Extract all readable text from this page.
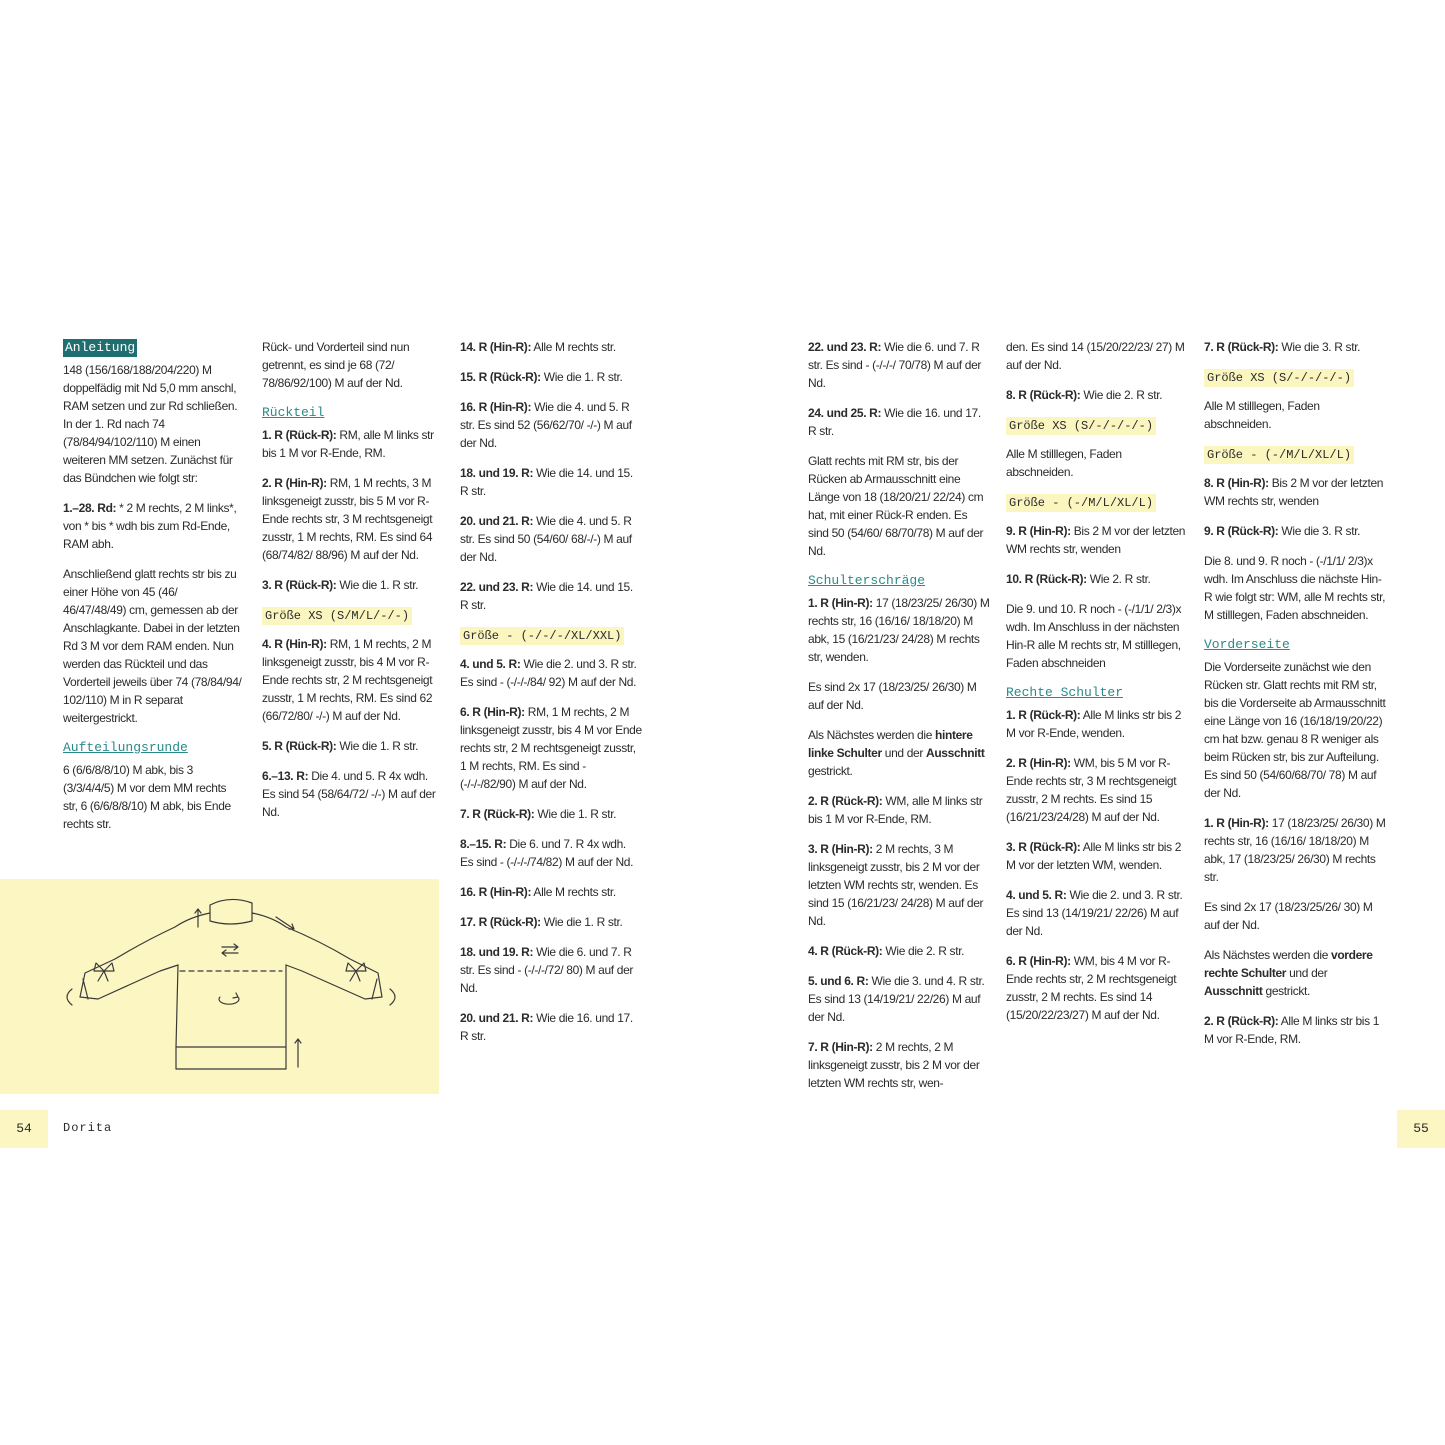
Anleitung

148 (156/168/188/204/220) M doppelfädig mit Nd 5,0 mm anschl, RAM setzen und zur Rd schließen. In der 1. Rd nach 74 (78/84/94/102/110) M einen weiteren MM setzen. Zunächst für das Bündchen wie folgt str:

1.–28. Rd: * 2 M rechts, 2 M links*, von * bis * wdh bis zum Rd-Ende, RAM abh.

Anschließend glatt rechts str bis zu einer Höhe von 45 (46/ 46/47/48/49) cm, gemessen ab der Anschlagkante. Dabei in der letzten Rd 3 M vor dem RAM enden. Nun werden das Rückteil und das Vorderteil jeweils über 74 (78/84/94/ 102/110) M in R separat weitergestrickt.

Aufteilungsrunde

6 (6/6/8/8/10) M abk, bis 3 (3/3/4/4/5) M vor dem MM rechts str, 6 (6/6/8/8/10) M abk, bis Ende rechts str.

Rück- und Vorderteil sind nun getrennt, es sind je 68 (72/ 78/86/92/100) M auf der Nd.

Rückteil

1. R (Rück-R): RM, alle M links str bis 1 M vor R-Ende, RM.

2. R (Hin-R): RM, 1 M rechts, 3 M linksgeneigt zusstr, bis 5 M vor R-Ende rechts str, 3 M rechtsgeneigt zusstr, 1 M rechts, RM. Es sind 64 (68/74/82/ 88/96) M auf der Nd.

3. R (Rück-R): Wie die 1. R str.

Größe XS (S/M/L/-/-)

4. R (Hin-R): RM, 1 M rechts, 2 M linksgeneigt zusstr, bis 4 M vor R-Ende rechts str, 2 M rechtsgeneigt zusstr, 1 M rechts, RM. Es sind 62 (66/72/80/ -/-) M auf der Nd.

5. R (Rück-R): Wie die 1. R str.

6.–13. R: Die 4. und 5. R 4x wdh. Es sind 54 (58/64/72/ -/-) M auf der Nd.

14. R (Hin-R): Alle M rechts str.

15. R (Rück-R): Wie die 1. R str.

16. R (Hin-R): Wie die 4. und 5. R str. Es sind 52 (56/62/70/ -/-) M auf der Nd.

18. und 19. R: Wie die 14. und 15. R str.

20. und 21. R: Wie die 4. und 5. R str. Es sind 50 (54/60/ 68/-/-) M auf der Nd.

22. und 23. R: Wie die 14. und 15. R str.

Größe - (-/-/-/XL/XXL)

4. und 5. R: Wie die 2. und 3. R str. Es sind - (-/-/-/84/ 92) M auf der Nd.

6. R (Hin-R): RM, 1 M rechts, 2 M linksgeneigt zusstr, bis 4 M vor Ende rechts str, 2 M rechtsgeneigt zusstr, 1 M rechts, RM. Es sind - (-/-/-/82/90) M auf der Nd.

7. R (Rück-R): Wie die 1. R str.

8.–15. R: Die 6. und 7. R 4x wdh. Es sind - (-/-/-/74/82) M auf der Nd.

16. R (Hin-R): Alle M rechts str.

17. R (Rück-R): Wie die 1. R str.

18. und 19. R: Wie die 6. und 7. R str. Es sind - (-/-/-/72/ 80) M auf der Nd.

20. und 21. R: Wie die 16. und 17. R str.

22. und 23. R: Wie die 6. und 7. R str. Es sind - (-/-/-/ 70/78) M auf der Nd.

24. und 25. R: Wie die 16. und 17. R str.

Glatt rechts mit RM str, bis der Rücken ab Armausschnitt eine Länge von 18 (18/20/21/ 22/24) cm hat, mit einer Rück-R enden. Es sind 50 (54/60/ 68/70/78) M auf der Nd.

Schulterschräge

1. R (Hin-R): 17 (18/23/25/ 26/30) M rechts str, 16 (16/16/ 18/18/20) M abk, 15 (16/21/23/ 24/28) M rechts str, wenden.

Es sind 2x 17 (18/23/25/ 26/30) M auf der Nd.

Als Nächstes werden die hintere linke Schulter und der Ausschnitt gestrickt.

2. R (Rück-R): WM, alle M links str bis 1 M vor R-Ende, RM.

3. R (Hin-R): 2 M rechts, 3 M linksgeneigt zusstr, bis 2 M vor der letzten WM rechts str, wenden. Es sind 15 (16/21/23/ 24/28) M auf der Nd.

4. R (Rück-R): Wie die 2. R str.

5. und 6. R: Wie die 3. und 4. R str. Es sind 13 (14/19/21/ 22/26) M auf der Nd.

7. R (Hin-R): 2 M rechts, 2 M linksgeneigt zusstr, bis 2 M vor der letzten WM rechts str, wen-

den. Es sind 14 (15/20/22/23/ 27) M auf der Nd.

8. R (Rück-R): Wie die 2. R str.

Größe XS (S/-/-/-/-)

Alle M stilllegen, Faden abschneiden.

Größe - (-/M/L/XL/L)

9. R (Hin-R): Bis 2 M vor der letzten WM rechts str, wenden

10. R (Rück-R): Wie 2. R str.

Die 9. und 10. R noch - (-/1/1/ 2/3)x wdh. Im Anschluss in der nächsten Hin-R alle M rechts str, M stilllegen, Faden abschneiden

Rechte Schulter

1. R (Rück-R): Alle M links str bis 2 M vor R-Ende, wenden.

2. R (Hin-R): WM, bis 5 M vor R-Ende rechts str, 3 M rechtsgeneigt zusstr, 2 M rechts. Es sind 15 (16/21/23/24/28) M auf der Nd.

3. R (Rück-R): Alle M links str bis 2 M vor der letzten WM, wenden.

4. und 5. R: Wie die 2. und 3. R str. Es sind 13 (14/19/21/ 22/26) M auf der Nd.

6. R (Hin-R): WM, bis 4 M vor R-Ende rechts str, 2 M rechtsgeneigt zusstr, 2 M rechts. Es sind 14 (15/20/22/23/27) M auf der Nd.

7. R (Rück-R): Wie die 3. R str.

Größe XS (S/-/-/-/-)

Alle M stilllegen, Faden abschneiden.

Größe - (-/M/L/XL/L)

8. R (Hin-R): Bis 2 M vor der letzten WM rechts str, wenden

9. R (Rück-R): Wie die 3. R str.

Die 8. und 9. R noch - (-/1/1/ 2/3)x wdh. Im Anschluss die nächste Hin-R wie folgt str: WM, alle M rechts str, M stilllegen, Faden abschneiden.

Vorderseite

Die Vorderseite zunächst wie den Rücken str. Glatt rechts mit RM str, bis die Vorderseite ab Armausschnitt eine Länge von 16 (16/18/19/20/22) cm hat bzw. genau 8 R weniger als beim Rücken str, bis zur Aufteilung. Es sind 50 (54/60/68/70/ 78) M auf der Nd.

1. R (Hin-R): 17 (18/23/25/ 26/30) M rechts str, 16 (16/16/ 18/18/20) M abk, 17 (18/23/25/ 26/30) M rechts str.

Es sind 2x 17 (18/23/25/26/ 30) M auf der Nd.

Als Nächstes werden die vordere rechte Schulter und der Ausschnitt gestrickt.

2. R (Rück-R): Alle M links str bis 1 M vor R-Ende, RM.

54	Dorita	55
